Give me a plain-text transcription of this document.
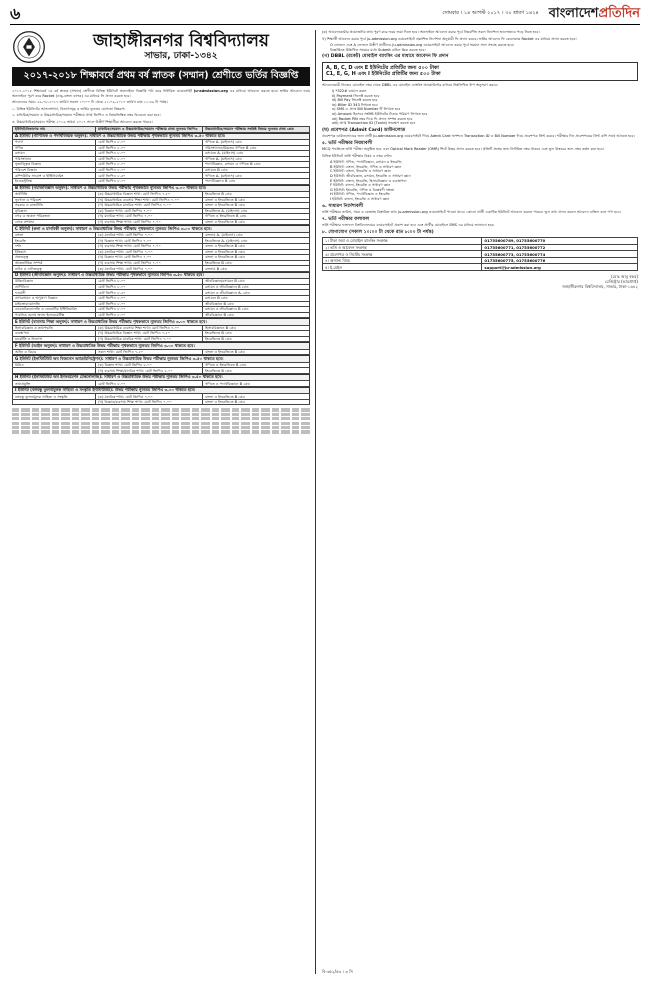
৬	সোমবার । ১৪ আগস্ট ২০১৭ । ৩০ শ্রাবণ ১৪২৪ বাংলাদেশপ্রতিদিন
জাহাঙ্গীরনগর বিশ্ববিদ্যালয়
সাভার, ঢাকা-১৩৪২
২০১৭-২০১৮ শিক্ষাবর্ষে প্রথম বর্ষ স্নাতক (সম্মান) শ্রেণীতে ভর্তির বিজ্ঞপ্তি

২০১৭-২০১৮ শিক্ষাবর্ষে ১ম বর্ষ স্নাতক (সম্মান) শ্রেণীতে বিভিন্ন ইউনিটে অনলাইনে বিজ্ঞপ্তি পাঠ করে নির্ধারিত ওয়েবসাইট ju-admission.org এর মাধ্যমে আবেদন করতে হবে। ভর্তির আবেদন ফরম অনলাইনে পূরণ করে Rocket (ডাচ্‌-বাংলা ব্যাংক) এর মাধ্যমে ফি প্রদান করতে হবে।

আবেদনের সময়: ২৯-০৮-২০১৭ তারিখ সকাল ১০:০০ টা থেকে ২১-০৯-২০১৭ তারিখ রাত ১১:৫৯ টা পর্যন্ত।

১. বিভিন্ন ইউনিটের আসনসংখ্যা, বিভাগসমূহ ও ভর্তির ন্যূনতম যোগ্যতা নিম্নরূপ:

২. মাধ্যমিক/সমমান ও উচ্চমাধ্যমিক/সমমান পরীক্ষায় প্রাপ্ত জিপিএ ও বিষয়ভিত্তিক নম্বর বিবেচনা করা হবে।

৩. উচ্চমাধ্যমিক/সমমান পরীক্ষা ২০১৬ অথবা ২০১৭ সালে উত্তীর্ণ শিক্ষার্থীরা আবেদন করতে পারবে।

ইউনিট/বিভাগের নাম	মাধ্যমিক/সমমান ও উচ্চমাধ্যমিক/সমমান পরীক্ষায় প্রাপ্ত ন্যূনতম জিপিএ	উচ্চমাধ্যমিক/সমমান পরীক্ষায় সংশ্লিষ্ট বিষয়ে ন্যূনতম প্রাপ্ত গ্রেড
A ইউনিট (গাণিতিক ও পদার্থবিষয়ক অনুষদ): সাধারণ ও উচ্চমাধ্যমিক উভয় পরীক্ষায় পৃথকভাবে ন্যূনতম জিপিএ ৩.৫০ থাকতে হবে।
পদার্থ	মোট জিপিএ ৮.০০	গণিতে A- (মাইনাস) গ্রেড
গণিত	মোট জিপিএ ৮.০০	পরিসংখ্যানে/উচ্চতর গণিতে B গ্রেড
রসায়ন	মোট জিপিএ ৮.০০	রসায়নে A- (মাইনাস) গ্রেড
পরিসংখ্যান	মোট জিপিএ ৮.০০	গণিতে A- (মাইনাস) গ্রেড
ভূতাত্ত্বিক বিজ্ঞান	মোট জিপিএ ৮.০০	পদার্থবিজ্ঞান, রসায়ন ও গণিতে B গ্রেড
পরিবেশ বিজ্ঞান	মোট জিপিএ ৮.০০	রসায়নে B গ্রেড
কম্পিউটার সায়েন্স ও ইঞ্জিনিয়ারিং	মোট জিপিএ ৮.৫০	গণিতে A- (মাইনাস) গ্রেড
ইলেকট্রনিক্স	মোট জিপিএ ৮.০০	পদার্থবিজ্ঞানে B গ্রেড
B ইউনিট (সমাজবিজ্ঞান অনুষদ): সাধারণ ও উচ্চমাধ্যমিক উভয় পরীক্ষায় পৃথকভাবে ন্যূনতম জিপিএ ৩.০০ থাকতে হবে।
অর্থনীতি	(ক) উচ্চমাধ্যমিক বিজ্ঞান শাখা: মোট জিপিএ ৭.৫০	ইংরেজিতে B গ্রেড
ভূগোল ও পরিবেশ	(খ) উচ্চমাধ্যমিক ব্যবসায় শিক্ষা শাখা: মোট জিপিএ ৭.০০	বাংলা ও ইংরেজিতে B গ্রেড
সরকার ও রাজনীতি	(গ) উচ্চমাধ্যমিক মানবিক শাখা: মোট জিপিএ ৭.০০	বাংলা ও ইংরেজিতে B গ্রেড
নৃবিজ্ঞান	(ক) বিজ্ঞান শাখা: মোট জিপিএ ৭.০০	ইংরেজিতে A- (মাইনাস) গ্রেড
নগর ও অঞ্চল পরিকল্পনা	(খ) মানবিক শাখা: মোট জিপিএ ৭.০০	গণিতে ও ইংরেজিতে B গ্রেড
লোক প্রশাসন	(গ) ব্যবসায় শিক্ষা শাখা: মোট জিপিএ ৭.০০	বাংলা ও ইংরেজিতে B গ্রেড
C ইউনিট (কলা ও মানবিকী অনুষদ): সাধারণ ও উচ্চমাধ্যমিক উভয় পরীক্ষায় পৃথকভাবে ন্যূনতম জিপিএ ৩.০০ থাকতে হবে।
বাংলা	(ক) মানবিক শাখা: মোট জিপিএ ৭.০০	বাংলায় A- (মাইনাস) গ্রেড
ইংরেজি	(খ) বিজ্ঞান শাখা: মোট জিপিএ ৭.০০	ইংরেজিতে A- (মাইনাস) গ্রেড
দর্শন	(গ) ব্যবসায় শিক্ষা শাখা: মোট জিপিএ ৭.০০	বাংলা ও ইংরেজিতে B গ্রেড
ইতিহাস	(ক) মানবিক শাখা: মোট জিপিএ ৭.০০	বাংলা ও ইংরেজিতে B গ্রেড
প্রত্নতত্ত্ব	(খ) বিজ্ঞান শাখা: মোট জিপিএ ৭.০০	বাংলা ও ইংরেজিতে B গ্রেড
আন্তর্জাতিক সম্পর্ক	(গ) ব্যবসায় শিক্ষা শাখা: মোট জিপিএ ৭.০০	ইংরেজিতে B গ্রেড
নাটক ও নাট্যতত্ত্ব	(ক) মানবিক শাখা: মোট জিপিএ ৭.০০	বাংলায় B গ্রেড
D ইউনিট (জীববিজ্ঞান অনুষদ): সাধারণ ও উচ্চমাধ্যমিক উভয় পরীক্ষায় পৃথকভাবে ন্যূনতম জিপিএ ৩.৫০ থাকতে হবে।
উদ্ভিদবিজ্ঞান	মোট জিপিএ ৮.০০	জীববিজ্ঞান/রসায়নে B গ্রেড
প্রাণিবিদ্যা	মোট জিপিএ ৮.০০	রসায়ন ও জীববিজ্ঞানে B গ্রেড
ফার্মেসী	মোট জিপিএ ৮.৫০	রসায়ন ও জীববিজ্ঞানে A- গ্রেড
প্রাণরসায়ন ও অণুপ্রাণ বিজ্ঞান	মোট জিপিএ ৮.০০	রসায়নে B গ্রেড
মাইক্রোবায়োলজি	মোট জিপিএ ৮.০০	জীববিজ্ঞানে B গ্রেড
বায়োটেকনোলজি ও জেনেটিক ইঞ্জিনিয়ারিং	মোট জিপিএ ৮.০০	রসায়ন ও জীববিজ্ঞানে B গ্রেড
পাবলিক হেলথ অ্যান্ড ইনফরমেটিক্স	মোট জিপিএ ৮.০০	জীববিজ্ঞানে B গ্রেড
E ইউনিট (ব্যবসায় শিক্ষা অনুষদ): সাধারণ ও উচ্চমাধ্যমিক উভয় পরীক্ষায় পৃথকভাবে ন্যূনতম জিপিএ ৩.০০ থাকতে হবে।
হিসাববিজ্ঞান ও তথ্যপদ্ধতি	(ক) উচ্চমাধ্যমিক ব্যবসায় শিক্ষা শাখা: মোট জিপিএ ৭.০০	হিসাববিজ্ঞানে B গ্রেড
ব্যবস্থাপনা	(খ) উচ্চমাধ্যমিক বিজ্ঞান শাখা: মোট জিপিএ ৭.৫০	ইংরেজিতে B গ্রেড
মার্কেটিং ও ফিন্যান্স	(গ) উচ্চমাধ্যমিক মানবিক শাখা: মোট জিপিএ ৭.০০	ইংরেজিতে B গ্রেড
F ইউনিট (আইন অনুষদ): সাধারণ ও উচ্চমাধ্যমিক উভয় পরীক্ষায় পৃথকভাবে ন্যূনতম জিপিএ ৩.০০ থাকতে হবে।
আইন ও বিচার	সকল শাখা: মোট জিপিএ ৭.৫০	বাংলা ও ইংরেজিতে B গ্রেড
G ইউনিট (ইনস্টিটিউট অব বিজনেস অ্যাডমিনিস্ট্রেশন): সাধারণ ও উচ্চমাধ্যমিক উভয় পরীক্ষায় ন্যূনতম জিপিএ ৩.৫০ থাকতে হবে।
বিবিএ	(ক) বিজ্ঞান শাখা: মোট জিপিএ ৮.০০	গণিতে ও ইংরেজিতে B গ্রেড
	(খ) ব্যবসায় শিক্ষা/মানবিক শাখা: মোট জিপিএ ৮.০০	ইংরেজিতে B গ্রেড
H ইউনিট (ইনস্টিটিউট অব ইনফরমেশন টেকনোলজি): সাধারণ ও উচ্চমাধ্যমিক উভয় পরীক্ষায় ন্যূনতম জিপিএ ৩.৫০ থাকতে হবে।
তথ্যপ্রযুক্তি	মোট জিপিএ ৮.০০	গণিতে ও পদার্থবিজ্ঞানে B গ্রেড
I ইউনিট (বঙ্গবন্ধু তুলনামূলক সাহিত্য ও সংস্কৃতি ইনস্টিটিউট): উভয় পরীক্ষায় ন্যূনতম জিপিএ ৩.০০ থাকতে হবে।
বঙ্গবন্ধু তুলনামূলক সাহিত্য ও সংস্কৃতি	(ক) মানবিক শাখা: মোট জিপিএ ৭.০০	বাংলা ও ইংরেজিতে B গ্রেড
	(খ) বিজ্ঞান/ব্যবসায় শিক্ষা শাখা: মোট জিপিএ ৭.০০	বাংলা ও ইংরেজিতে B গ্রেড

(ক) আবেদনকারীর প্রয়োজনীয় তথ্য পূরণ করে ফরম জমা দিতে হবে। অনলাইনে আবেদন করার পূর্বে নিম্নবর্ণিত সকল নির্দেশনা ভালোভাবে পড়ে নিতে হবে।

খ) শিক্ষার্থী আবেদন করার পূর্বে ju-admission.org ওয়েবসাইটে প্রকাশিত নির্দেশনা অনুযায়ী ফি প্রদান করবে। ভর্তির আবেদন ফি কেবলমাত্র Rocket এর মাধ্যমে প্রদান করতে হবে।

• O লেভেল এবং A লেভেল উত্তীর্ণ প্রার্থীদের ju-admission.org ওয়েবসাইটে আবেদন করার পূর্বে সমমান সনদ সংগ্রহ করতে হবে।
• বিজ্ঞপ্তিতে উল্লিখিত সময়ের মধ্যে Submit বাটনে ক্লিক করতে হবে।
(গ) DBBL (রকেট) মোবাইল ব্যাংকিং এর মাধ্যমে আবেদন ফি প্রদান
A, B, C, D এবং E ইউনিটের প্রতিটির জন্য ৫০০ টাকা
C1, E, G, H এবং I ইউনিটের প্রতিটির জন্য ৫০০ টাকা

আবেদনকারী নিজের মোবাইল নম্বর থেকে DBBL এর মোবাইল ব্যাংকিং অ্যাকাউন্টের মাধ্যমে নিম্নলিখিত ধাপ অনুসরণ করবে:

i) *322# ডায়াল করুন
ii) Payment সিলেক্ট করতে হবে
iii) Bill Pay সিলেক্ট করতে হবে
iv) Biller ID 343 লিখতে হবে
v) SMS-এ প্রাপ্ত Bill Number টি লিখতে হবে
vi) Amount হিসেবে সংশ্লিষ্ট ইউনিটের টাকার পরিমাণ লিখতে হবে
vii) Rocket PIN নম্বর দিয়ে ফি প্রদান সম্পন্ন করতে হবে
viii) প্রাপ্ত Transaction ID (TxnId) সংরক্ষণ করতে হবে
(ঘ) প্রবেশপত্র (Admit Card) ডাউনলোড

প্রবেশপত্র ডাউনলোডের জন্য প্রার্থী ju-admission.org ওয়েবসাইটে গিয়ে Admit Card অপশনে Transaction ID ও Bill Number দিয়ে প্রবেশপত্র প্রিন্ট করবে। পরীক্ষার দিন প্রবেশপত্রের প্রিন্ট কপি সাথে আনতে হবে।

৫. ভর্তি পরীক্ষার নিয়মাবলী

MCQ পদ্ধতিতে ভর্তি পরীক্ষা অনুষ্ঠিত হবে এবং Optical Mark Reader (OMR) শিটে উত্তর প্রদান করতে হবে। প্রতিটি প্রশ্নের জন্য নির্ধারিত নম্বর থাকবে এবং ভুল উত্তরের জন্য নম্বর কর্তন করা হবে।

বিভিন্ন ইউনিটে ভর্তি পরীক্ষার বিষয় ও নম্বর বণ্টন:

• A ইউনিট: গণিত, পদার্থবিজ্ঞান, রসায়ন ও ইংরেজি
• B ইউনিট: বাংলা, ইংরেজি, গণিত ও সাধারণ জ্ঞান
• C ইউনিট: বাংলা, ইংরেজি ও সাধারণ জ্ঞান
• D ইউনিট: জীববিজ্ঞান, রসায়ন, ইংরেজি ও সাধারণ জ্ঞান
• E ইউনিট: বাংলা, ইংরেজি, হিসাববিজ্ঞান ও ব্যবস্থাপনা
• F ইউনিট: বাংলা, ইংরেজি ও সাধারণ জ্ঞান
• G ইউনিট: ইংরেজি, গণিত ও বিশ্লেষণী দক্ষতা
• H ইউনিট: গণিত, পদার্থবিজ্ঞান ও ইংরেজি
• I ইউনিট: বাংলা, ইংরেজি ও সাধারণ জ্ঞান
৬. সাধারণ নির্দেশাবলী

ভর্তি পরীক্ষার তারিখ, সময় ও কেন্দ্রসহ বিস্তারিত তথ্য ju-admission.org ওয়েবসাইটে পাওয়া যাবে। কোনো প্রার্থী একাধিক ইউনিটে আবেদন করতে পারবে। ভুল তথ্য প্রদান করলে আবেদন বাতিল বলে গণ্য হবে।

৭. ভর্তি পরীক্ষার ফলাফল

ভর্তি পরীক্ষার ফলাফল বিশ্ববিদ্যালয়ের ওয়েবসাইটে প্রকাশ করা হবে এবং প্রার্থীর মোবাইলে SMS এর মাধ্যমে জানানো হবে।

৮. যোগাযোগ (সকাল ১০:০০ টা থেকে রাত ৮:০০ টা পর্যন্ত)
১। টাকা জমা ও মোবাইল ব্যাংকিং সংক্রান্ত	01755600769, 01755600770
২। ভর্তি ও আবেদন সংক্রান্ত	01755600771, 01755600772
৩। প্রবেশপত্র ও সিস্টেম সংক্রান্ত	01755600773, 01755600774
৪। অন্যান্য বিষয়	01755600775, 01755600776
৫। ই-মেইল	support@ju-admission.org
(মোঃ আবু বকর)
রেজিস্ট্রার (ভারপ্রাপ্ত)
জাহাঙ্গীরনগর বিশ্ববিদ্যালয়, সাভার, ঢাকা-১৩৪২
বি-৩৫২/৫৩ । ৩ সি
